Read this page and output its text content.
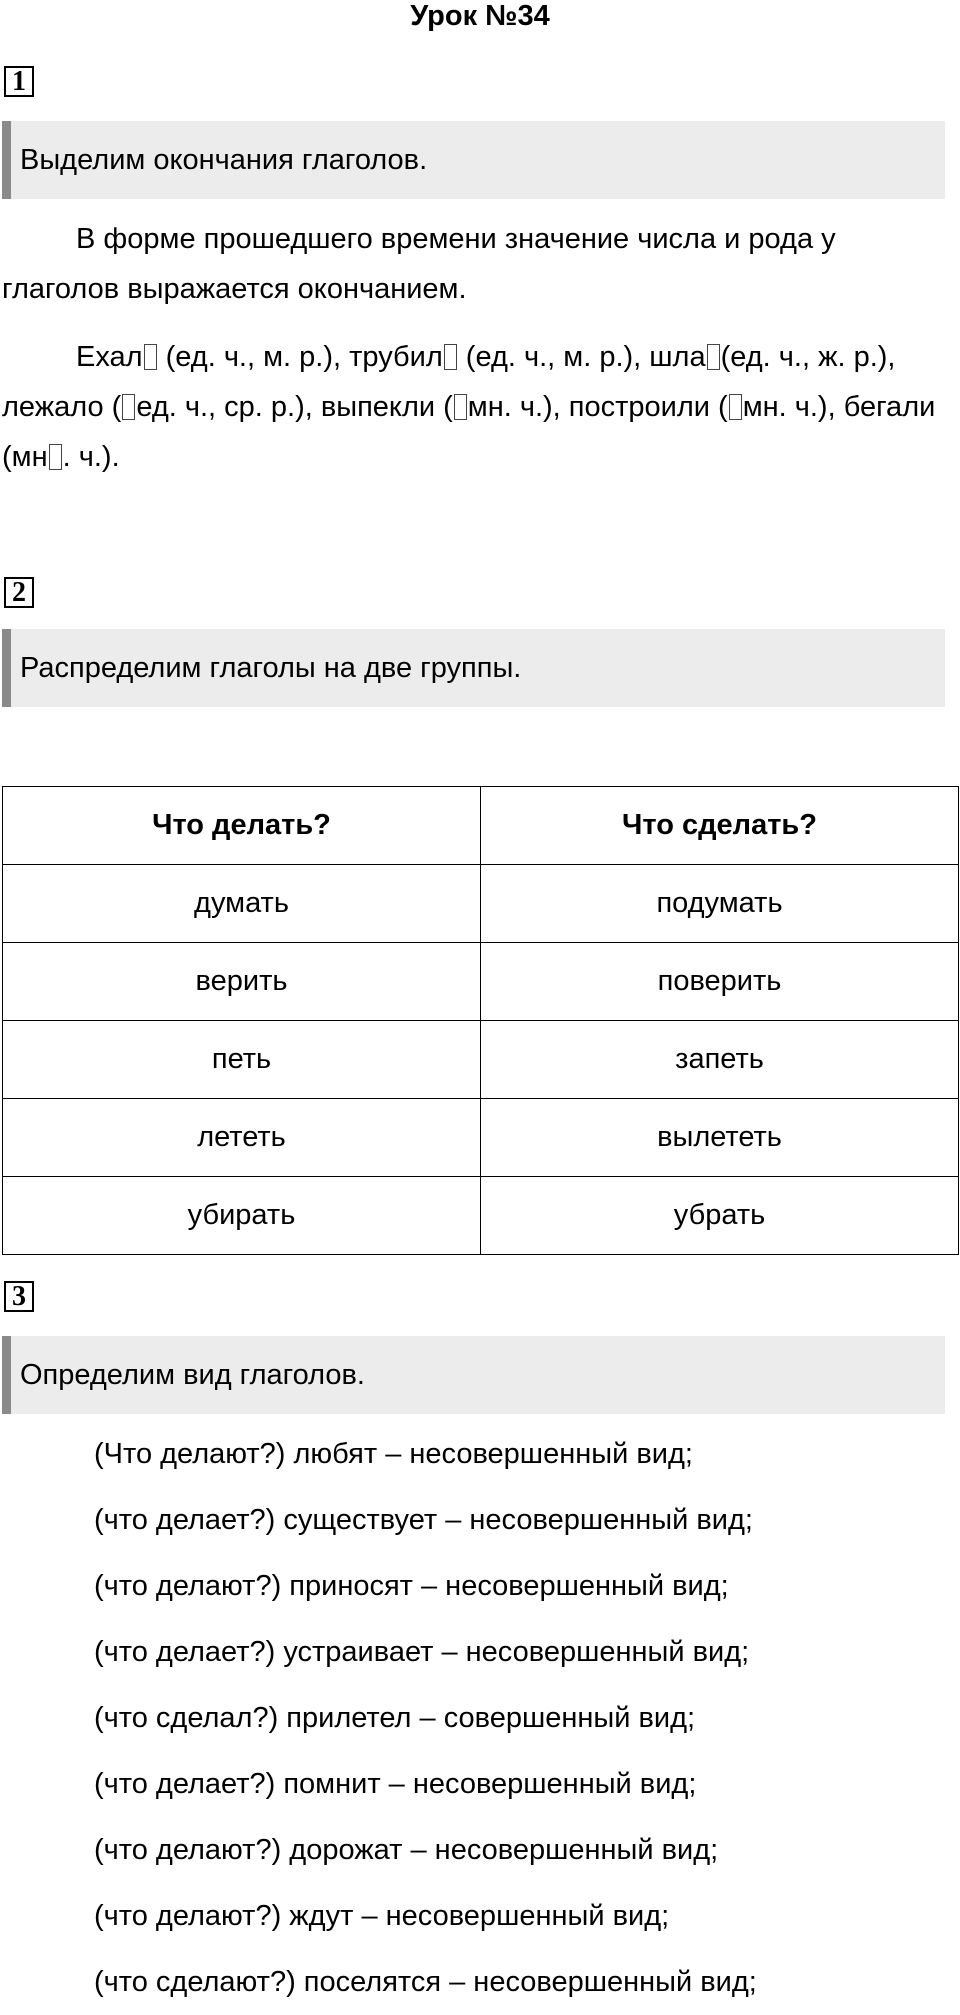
Урок №34
1
Выделим окончания глаголов.

В форме прошедшего времени значение числа и рода у глаголов выражается окончанием.

Ехал (ед. ч., м. р.), трубил (ед. ч., м. р.), шла (ед. ч., ж. р.), лежало ( ед. ч., ср. р.), выпекли ( мн. ч.), построили ( мн. ч.), бегали (мн . ч.).

2
Распределим глаголы на две группы.
Что делать?	Что сделать?
думать	подумать
верить	поверить
петь	запеть
лететь	вылететь
убирать	убрать
3
Определим вид глаголов.
(Что делают?) любят – несовершенный вид;
(что делает?) существует – несовершенный вид;
(что делают?) приносят – несовершенный вид;
(что делает?) устраивает – несовершенный вид;
(что сделал?) прилетел – совершенный вид;
(что делает?) помнит – несовершенный вид;
(что делают?) дорожат – несовершенный вид;
(что делают?) ждут – несовершенный вид;
(что сделают?) поселятся – несовершенный вид;
